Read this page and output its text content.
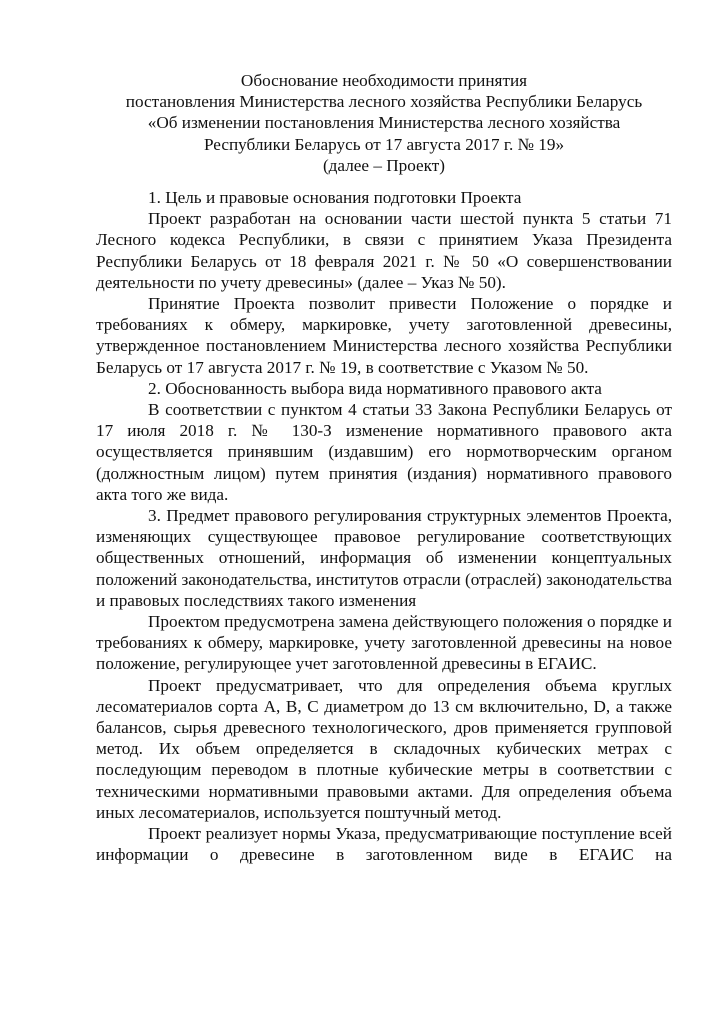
Обоснование необходимости принятия
постановления Министерства лесного хозяйства Республики Беларусь
«Об изменении постановления Министерства лесного хозяйства
Республики Беларусь от 17 августа 2017 г. № 19»
(далее – Проект)

1. Цель и правовые основания подготовки Проекта

Проект разработан на основании части шестой пункта 5 статьи 71 Лесного кодекса Республики, в связи с принятием Указа Президента Республики Беларусь от 18 февраля 2021 г. № 50 «О совершенствовании деятельности по учету древесины» (далее – Указ № 50).

Принятие Проекта позволит привести Положение о порядке и требованиях к обмеру, маркировке, учету заготовленной древесины, утвержденное постановлением Министерства лесного хозяйства Республики Беларусь от 17 августа 2017 г. № 19, в соответствие с Указом № 50.

2. Обоснованность выбора вида нормативного правового акта

В соответствии с пунктом 4 статьи 33 Закона Республики Беларусь от 17 июля 2018 г. № 130-З изменение нормативного правового акта осуществляется принявшим (издавшим) его нормотворческим органом (должностным лицом) путем принятия (издания) нормативного правового акта того же вида.

3. Предмет правового регулирования структурных элементов Проекта, изменяющих существующее правовое регулирование соответствующих общественных отношений, информация об изменении концептуальных положений законодательства, институтов отрасли (отраслей) законодательства и правовых последствиях такого изменения

Проектом предусмотрена замена действующего положения о порядке и требованиях к обмеру, маркировке, учету заготовленной древесины на новое положение, регулирующее учет заготовленной древесины в ЕГАИС.

Проект предусматривает, что для определения объема круглых лесоматериалов сорта А, В, С диаметром до 13 см включительно, D, а также балансов, сырья древесного технологического, дров применяется групповой метод. Их объем определяется в складочных кубических метрах с последующим переводом в плотные кубические метры в соответствии с техническими нормативными правовыми актами. Для определения объема иных лесоматериалов, используется поштучный метод.

Проект реализует нормы Указа, предусматривающие поступление всей информации о древесине в заготовленном виде в ЕГАИС на
